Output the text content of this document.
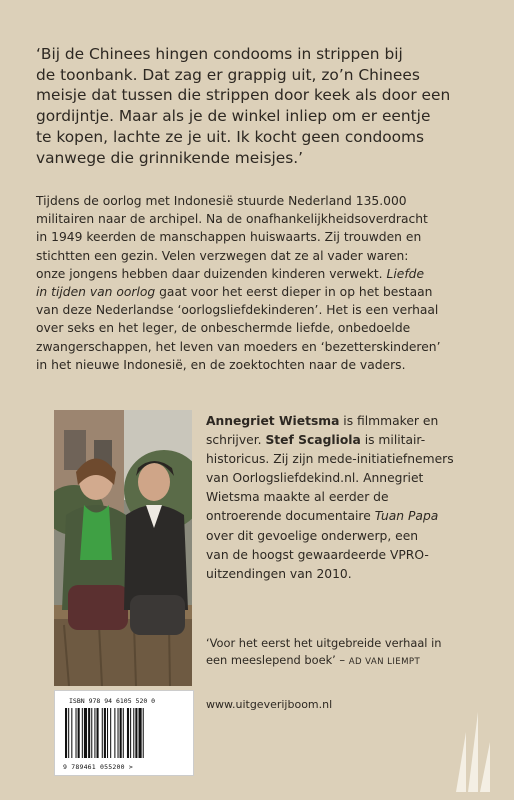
‘Bij de Chinees hingen condooms in strippen bij
de toonbank. Dat zag er grappig uit, zo’n Chinees
meisje dat tussen die strippen door keek als door een
gordijntje. Maar als je de winkel inliep om er eentje
te kopen, lachte ze je uit. Ik kocht geen condooms
vanwege die grinnikende meisjes.’

Tijdens de oorlog met Indonesië stuurde Nederland 135.000
militairen naar de archipel. Na de onafhankelijkheidsoverdracht
in 1949 keerden de manschappen huiswaarts. Zij trouwden en
stichtten een gezin. Velen verzwegen dat ze al vader waren:
onze jongens hebben daar duizenden kinderen verwekt. Liefde
in tijden van oorlog gaat voor het eerst dieper in op het bestaan
van deze Nederlandse ‘oorlogsliefdekinderen’. Het is een verhaal
over seks en het leger, de onbeschermde liefde, onbedoelde
zwangerschappen, het leven van moeders en ‘bezetterskinderen’
in het nieuwe Indonesië, en de zoektochten naar de vaders.
Annegriet Wietsma is filmmaker en
schrijver. Stef Scagliola is militair-
historicus. Zij zijn mede-initiatiefnemers
van Oorlogsliefdekind.nl. Annegriet
Wietsma maakte al eerder de
ontroerende documentaire Tuan Papa
over dit gevoelige onderwerp, een
van de hoogst gewaardeerde VPRO-
uitzendingen van 2010.

‘Voor het eerst het uitgebreide verhaal in
een meeslepend boek’ – AD VAN LIEMPT

www.uitgeverijboom.nl
ISBN 978 94 6105 520 0
9 789461 055200 >
